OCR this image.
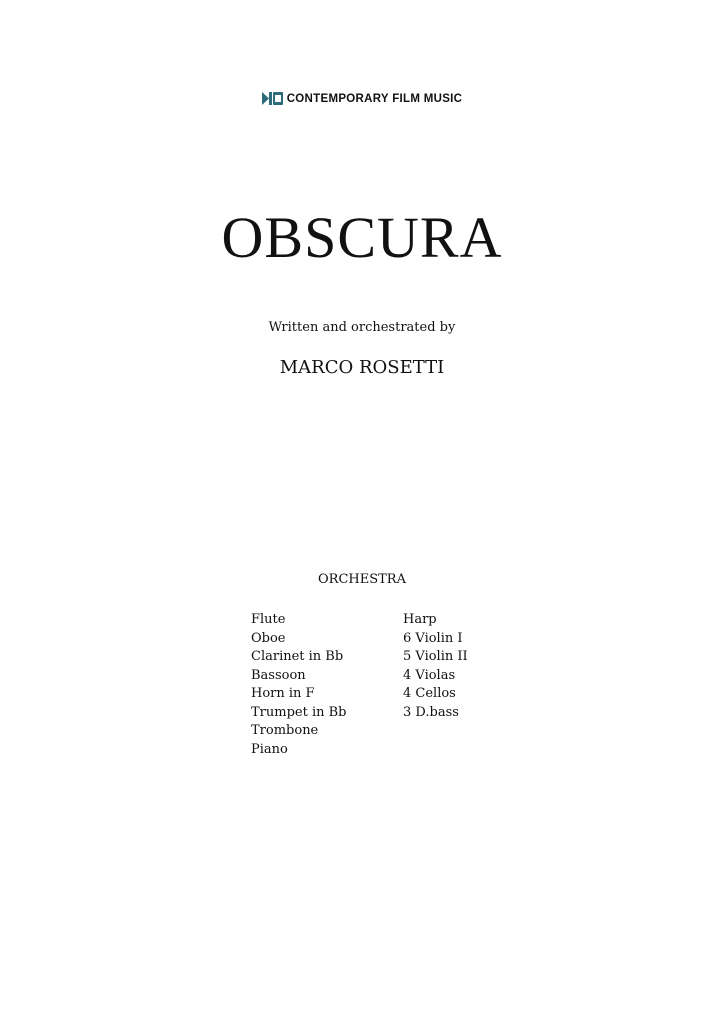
CONTEMPORARY FILM MUSIC
OBSCURA
Written and orchestrated by
MARCO ROSETTI
ORCHESTRA
Flute
Oboe
Clarinet in Bb
Bassoon
Horn in F
Trumpet in Bb
Trombone
Piano
Harp
6 Violin I
5 Violin II
4 Violas
4 Cellos
3 D.bass
